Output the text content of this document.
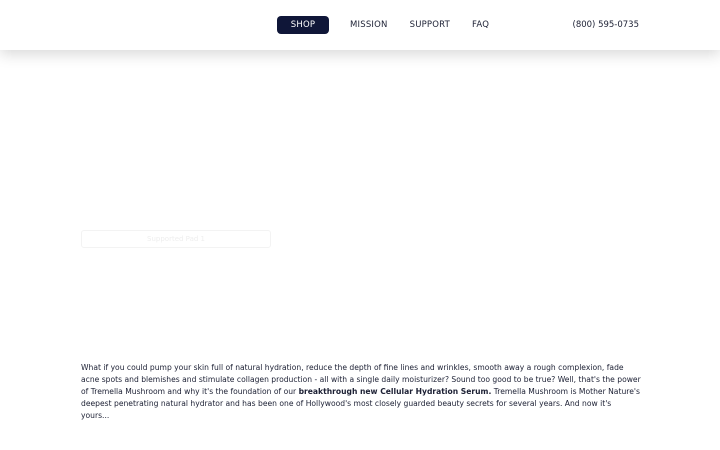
SHOP	MISSION	SUPPORT	FAQ	(800) 595-0735
Supported Pad 1

What if you could pump your skin full of natural hydration, reduce the depth of fine lines and wrinkles, smooth away a rough complexion, fade acne spots and blemishes and stimulate collagen production - all with a single daily moisturizer? Sound too good to be true? Well, that's the power of Tremella Mushroom and why it's the foundation of our breakthrough new Cellular Hydration Serum. Tremella Mushroom is Mother Nature's deepest penetrating natural hydrator and has been one of Hollywood's most closely guarded beauty secrets for several years. And now it's yours...
